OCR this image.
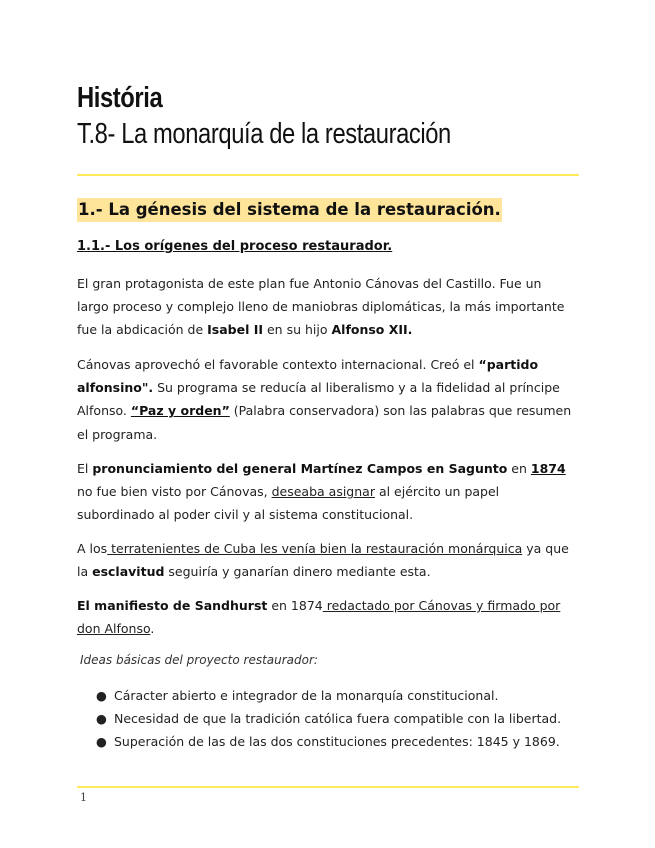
História
T.8- La monarquía de la restauración
1.- La génesis del sistema de la restauración.
1.1.- Los orígenes del proceso restaurador.
El gran protagonista de este plan fue Antonio Cánovas del Castillo. Fue un largo proceso y complejo lleno de maniobras diplomáticas, la más importante fue la abdicación de Isabel II en su hijo Alfonso XII.
Cánovas aprovechó el favorable contexto internacional. Creó el “partido alfonsino". Su programa se reducía al liberalismo y a la fidelidad al príncipe Alfonso. “Paz y orden” (Palabra conservadora) son las palabras que resumen el programa.
El pronunciamiento del general Martínez Campos en Sagunto en 1874 no fue bien visto por Cánovas, deseaba asignar al ejército un papel subordinado al poder civil y al sistema constitucional.
A los terratenientes de Cuba les venía bien la restauración monárquica ya que la esclavitud seguiría y ganarían dinero mediante esta.
El manifiesto de Sandhurst en 1874 redactado por Cánovas y firmado por don Alfonso.
Ideas básicas del proyecto restaurador:
● Cáracter abierto e integrador de la monarquía constitucional.
● Necesidad de que la tradición católica fuera compatible con la libertad.
● Superación de las de las dos constituciones precedentes: 1845 y 1869.
1
